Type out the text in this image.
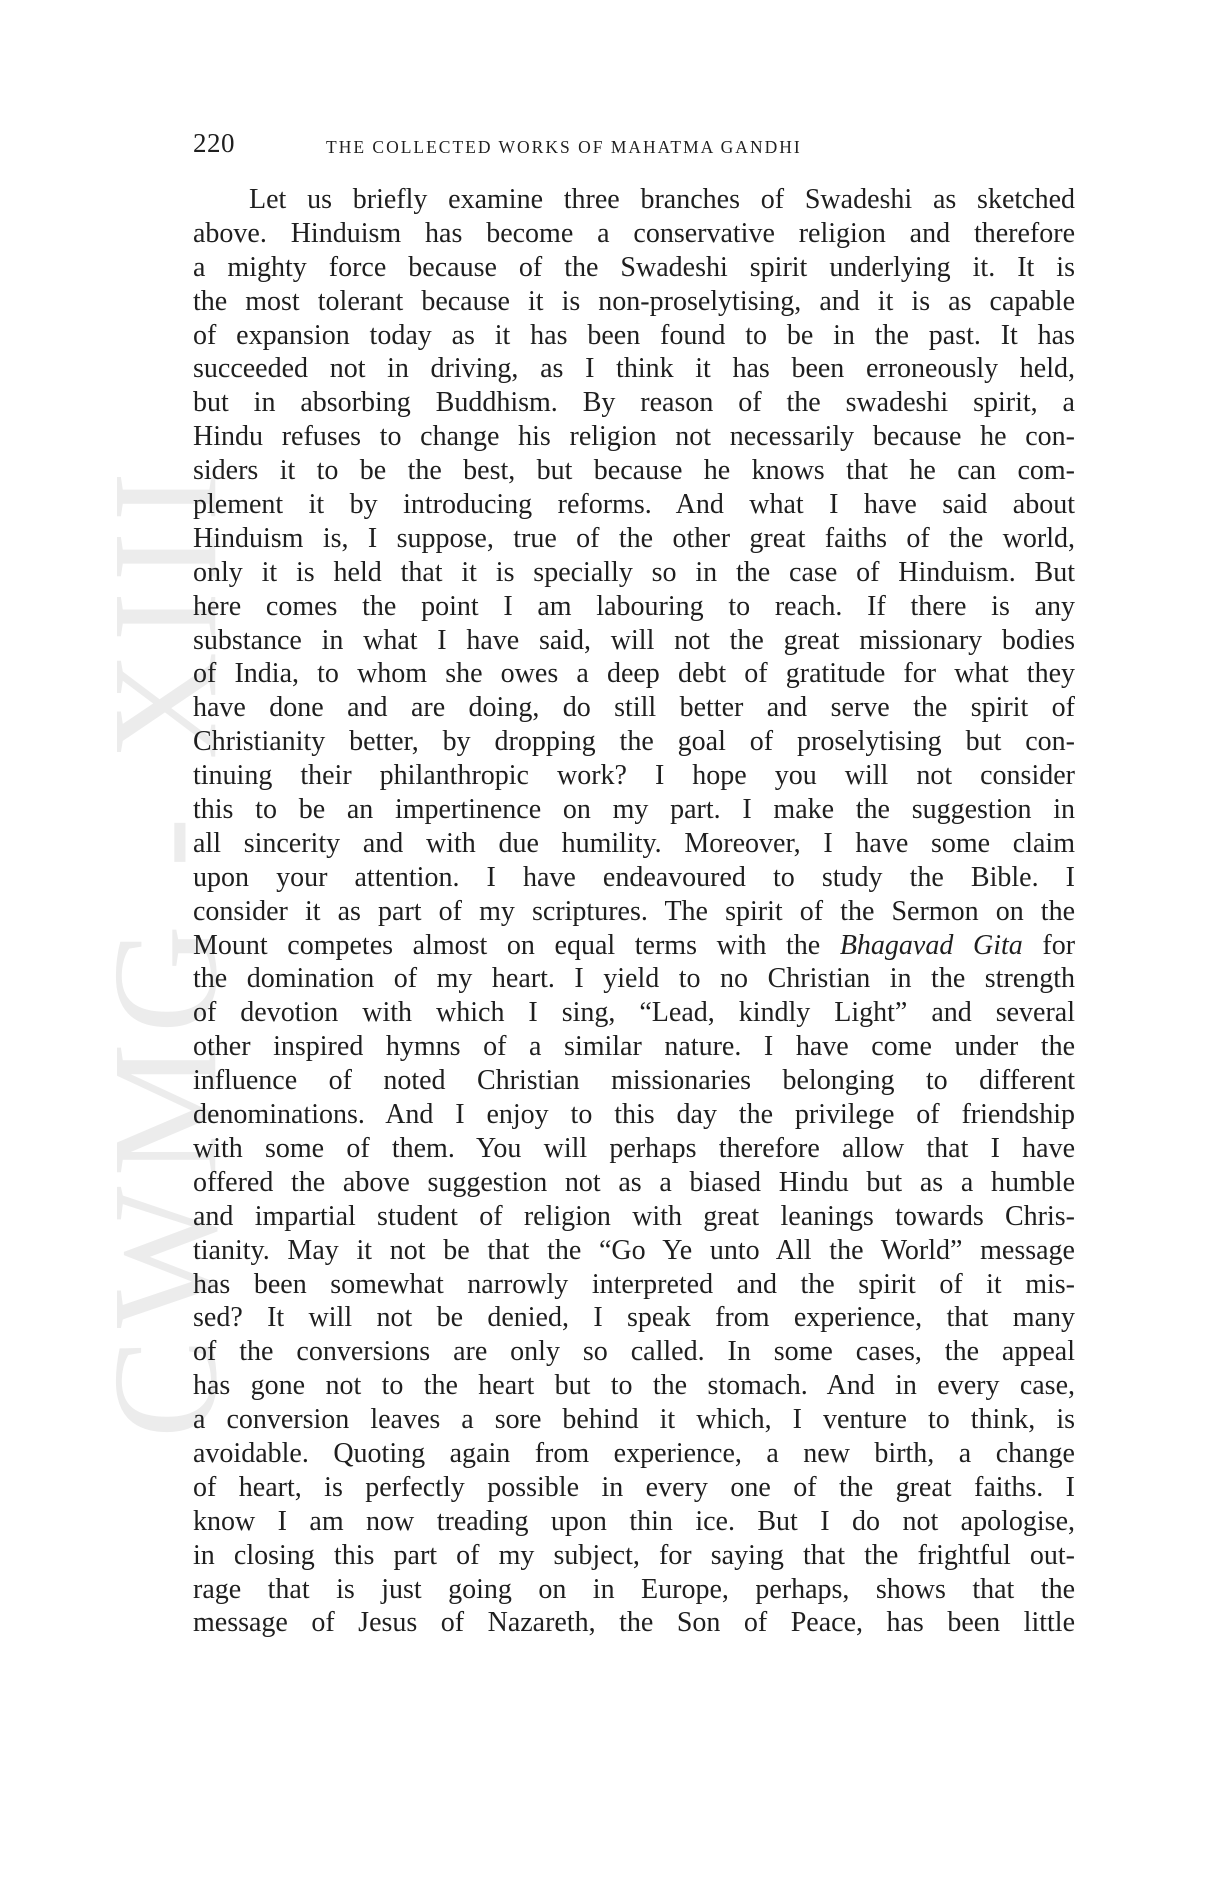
CWMG - XIII
220	THE COLLECTED WORKS OF MAHATMA GANDHI
Let us briefly examine three branches of Swadeshi as sketched
above. Hinduism has become a conservative religion and therefore
a mighty force because of the Swadeshi spirit underlying it. It is
the most tolerant because it is non-proselytising, and it is as capable
of expansion today as it has been found to be in the past. It has
succeeded not in driving, as I think it has been erroneously held,
but in absorbing Buddhism. By reason of the swadeshi spirit, a
Hindu refuses to change his religion not necessarily because he con-
siders it to be the best, but because he knows that he can com-
plement it by introducing reforms. And what I have said about
Hinduism is, I suppose, true of the other great faiths of the world,
only it is held that it is specially so in the case of Hinduism. But
here comes the point I am labouring to reach. If there is any
substance in what I have said, will not the great missionary bodies
of India, to whom she owes a deep debt of gratitude for what they
have done and are doing, do still better and serve the spirit of
Christianity better, by dropping the goal of proselytising but con-
tinuing their philanthropic work? I hope you will not consider
this to be an impertinence on my part. I make the suggestion in
all sincerity and with due humility. Moreover, I have some claim
upon your attention. I have endeavoured to study the Bible. I
consider it as part of my scriptures. The spirit of the Sermon on the
Mount competes almost on equal terms with the Bhagavad Gita for
the domination of my heart. I yield to no Christian in the strength
of devotion with which I sing, “Lead, kindly Light” and several
other inspired hymns of a similar nature. I have come under the
influence of noted Christian missionaries belonging to different
denominations. And I enjoy to this day the privilege of friendship
with some of them. You will perhaps therefore allow that I have
offered the above suggestion not as a biased Hindu but as a humble
and impartial student of religion with great leanings towards Chris-
tianity. May it not be that the “Go Ye unto All the World” message
has been somewhat narrowly interpreted and the spirit of it mis-
sed? It will not be denied, I speak from experience, that many
of the conversions are only so called. In some cases, the appeal
has gone not to the heart but to the stomach. And in every case,
a conversion leaves a sore behind it which, I venture to think, is
avoidable. Quoting again from experience, a new birth, a change
of heart, is perfectly possible in every one of the great faiths. I
know I am now treading upon thin ice. But I do not apologise,
in closing this part of my subject, for saying that the frightful out-
rage that is just going on in Europe, perhaps, shows that the
message of Jesus of Nazareth, the Son of Peace, has been little
